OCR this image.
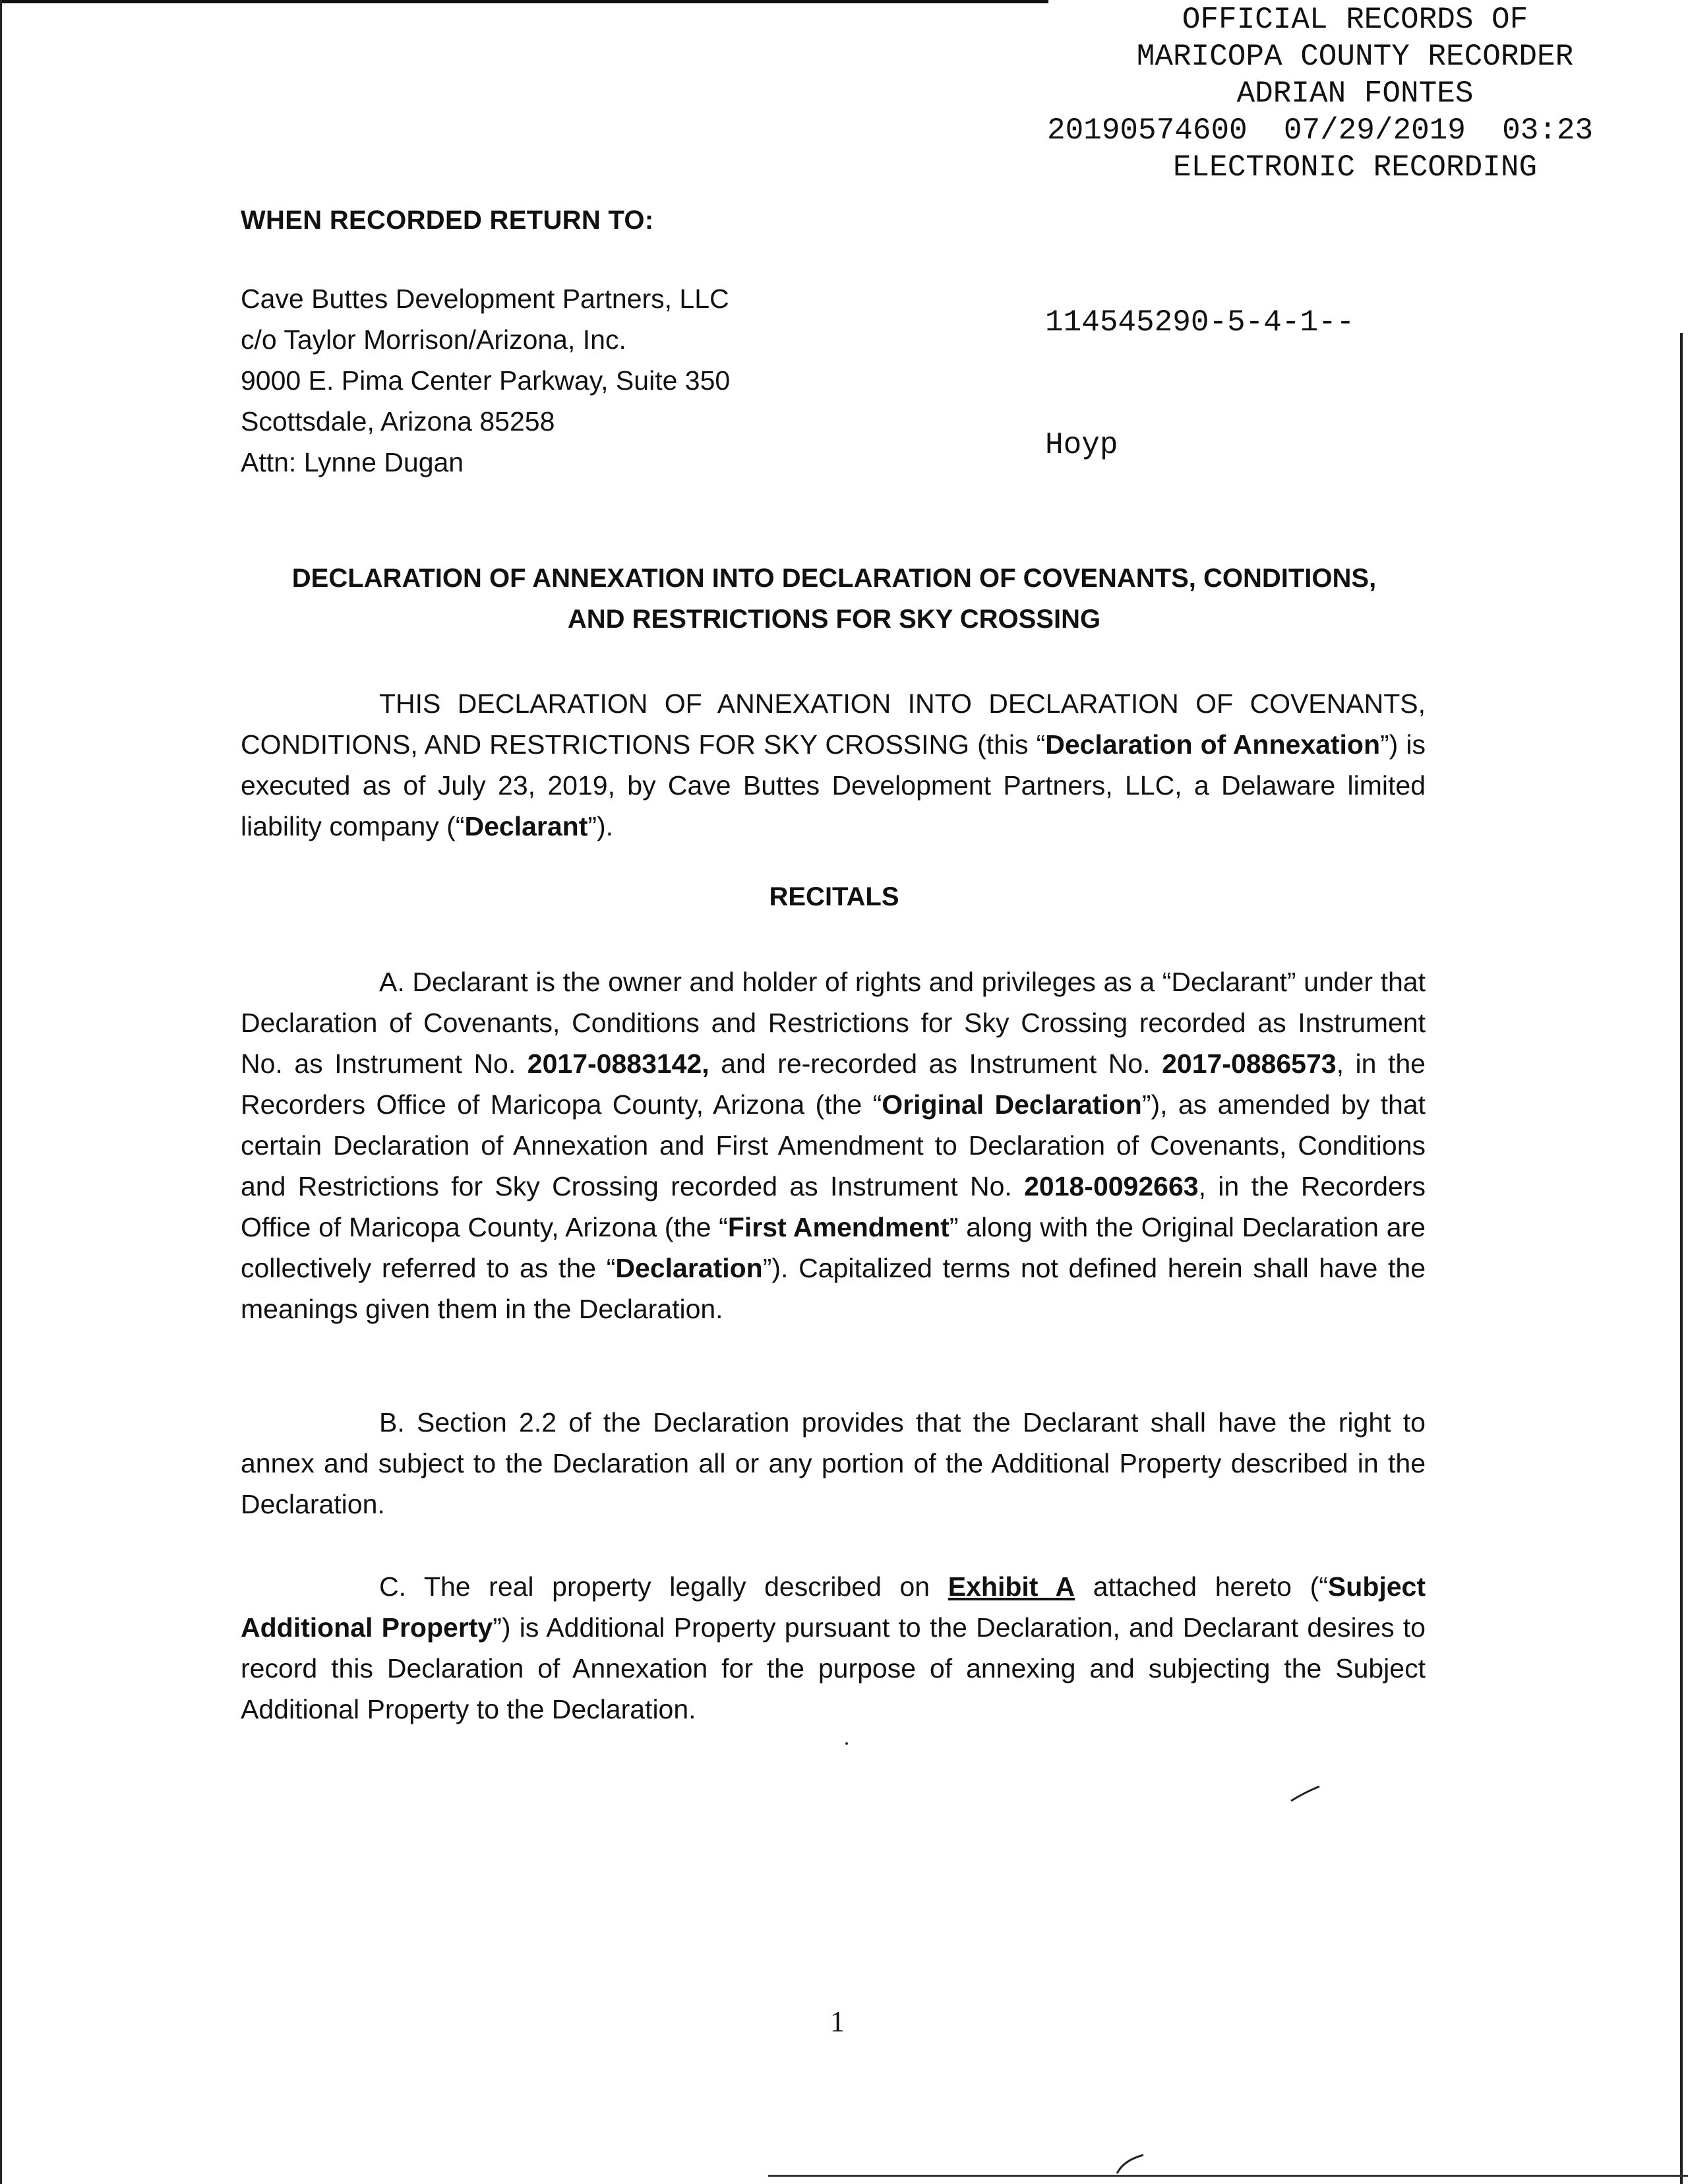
OFFICIAL RECORDS OF
MARICOPA COUNTY RECORDER
ADRIAN FONTES
20190574600  07/29/2019  03:23
ELECTRONIC RECORDING

114545290-5-4-1--

Hoyp

WHEN RECORDED RETURN TO:
Cave Buttes Development Partners, LLC
c/o Taylor Morrison/Arizona, Inc.
9000 E. Pima Center Parkway, Suite 350
Scottsdale, Arizona 85258
Attn: Lynne Dugan
DECLARATION OF ANNEXATION INTO DECLARATION OF COVENANTS, CONDITIONS,
AND RESTRICTIONS FOR SKY CROSSING
THIS DECLARATION OF ANNEXATION INTO DECLARATION OF COVENANTS, CONDITIONS, AND RESTRICTIONS FOR SKY CROSSING (this “Declaration of Annexation”) is executed as of July 23, 2019, by Cave Buttes Development Partners, LLC, a Delaware limited liability company (“Declarant”).
RECITALS
A. Declarant is the owner and holder of rights and privileges as a “Declarant” under that Declaration of Covenants, Conditions and Restrictions for Sky Crossing recorded as Instrument No. as Instrument No. 2017-0883142, and re-recorded as Instrument No. 2017-0886573, in the Recorders Office of Maricopa County, Arizona (the “Original Declaration”), as amended by that certain Declaration of Annexation and First Amendment to Declaration of Covenants, Conditions and Restrictions for Sky Crossing recorded as Instrument No. 2018-0092663, in the Recorders Office of Maricopa County, Arizona (the “First Amendment” along with the Original Declaration are collectively referred to as the “Declaration”). Capitalized terms not defined herein shall have the meanings given them in the Declaration.
B. Section 2.2 of the Declaration provides that the Declarant shall have the right to annex and subject to the Declaration all or any portion of the Additional Property described in the Declaration.
C. The real property legally described on Exhibit A attached hereto (“Subject Additional Property”) is Additional Property pursuant to the Declaration, and Declarant desires to record this Declaration of Annexation for the purpose of annexing and subjecting the Subject Additional Property to the Declaration.
1
